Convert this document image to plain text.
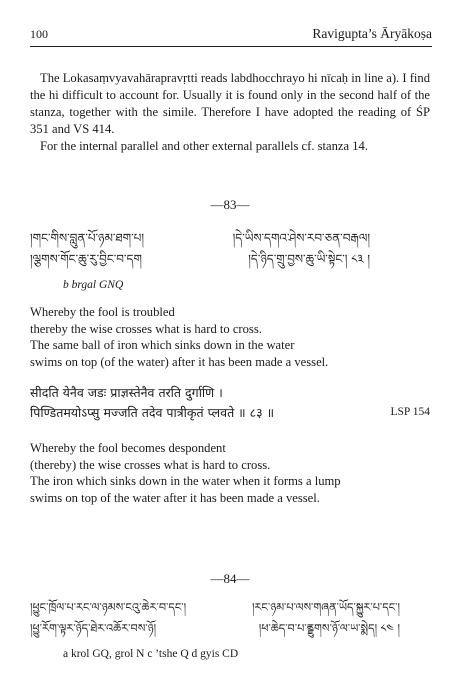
100	Ravigupta’s Āryākoṣa

The Lokasaṃvyavahārapravṛtti reads labdhocchrayo hi nīcaḥ in line a). I find the hi difficult to account for. Usually it is found only in the second half of the stanza, together with the simile. Therefore I have adopted the reading of ŚP 351 and VS 414.

For the internal parallel and other external parallels cf. stanza 14.

—83—
།གང་གིས་བླུན་པོ་ཉམ་ཐག་པ།	།དེ་ཡིས་དགའ་ཤེས་རབ་ཅན་བརྒལ།
།ལྕགས་གོང་ཆུ་རུ་བྱིང་བ་དག	།དེ་ཉིད་གྲུ་བྱས་ཆུ་ཡི་སྟེང་། ༨༣ །
b brgal GNQ
Whereby the fool is troubled
thereby the wise crosses what is hard to cross.
The same ball of iron which sinks down in the water
swims on top (of the water) after it has been made a vessel.
सीदति येनैव जडः प्राज्ञस्तेनैव तरति दुर्गाणि ।
पिण्डितमयोऽप्सु मज्जति तदेव पात्रीकृतं प्लवते ॥ ८३ ॥	LSP 154
Whereby the fool becomes despondent
(thereby) the wise crosses what is hard to cross.
The iron which sinks down in the water when it forms a lump
swims on top of the water after it has been made a vessel.
—84—
།ཕྱུང་ཁྲོལ་པ་རང་ལ་ཉམས་ངའུ་ཆེར་བ་དང་།	།རང་ཉམ་པ་ལས་གཞན་ཡོད་སྐྱུར་པ་དང་།
།ཕྱུ་རོག་ལྟར་ཉོད་ཐེར་འཆོར་བས་ཉོ།	།ཕ་ཆེད་བ་པ་ནྲྗུགས་ཉོ་ལ་ཡ་སྨེད། ༨༤ །
a krol GQ, grol N c ’tshe Q d gyis CD
